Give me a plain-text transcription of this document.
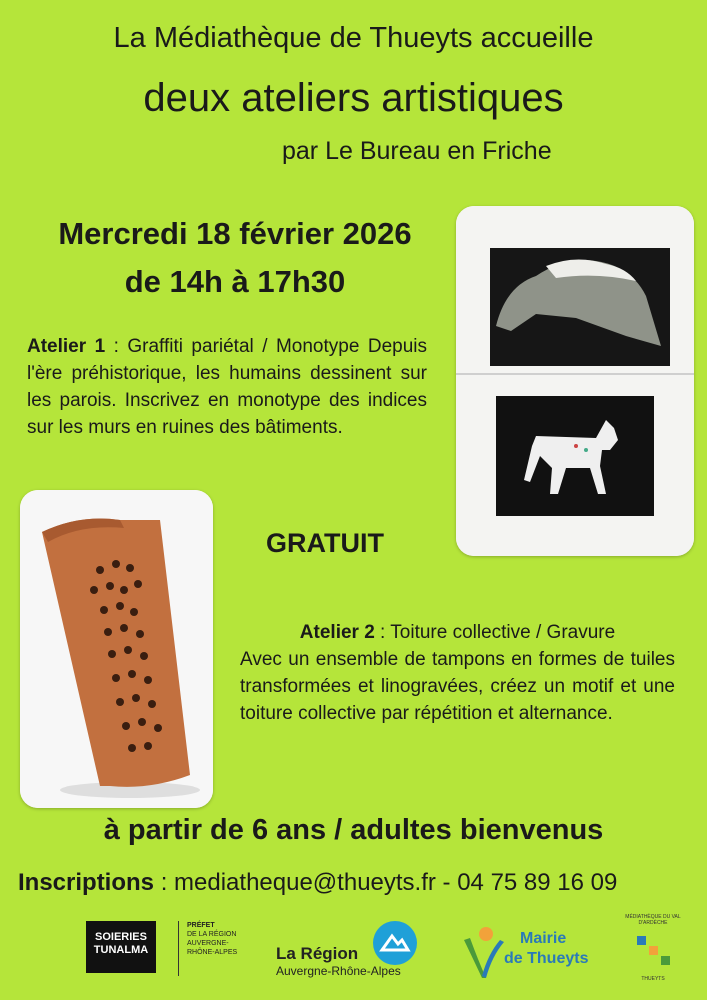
La Médiathèque de Thueyts accueille
deux ateliers artistiques
par Le Bureau en Friche
Mercredi 18 février 2026
de 14h à 17h30
Atelier 1 : Graffiti pariétal / Monotype Depuis l'ère préhistorique, les humains dessinent sur les parois. Inscrivez en monotype des indices sur les murs en ruines des bâtiments.
GRATUIT
Atelier 2 : Toiture collective / Gravure
Avec un ensemble de tampons en formes de tuiles transformées et linogravées, créez un motif et une toiture collective par répétition et alternance.
à partir de 6 ans / adultes bienvenus
Inscriptions : mediatheque@thueyts.fr - 04 75 89 16 09
SOIERIES
TUNALMA
PRÉFET
DE LA RÉGION
AUVERGNE-
RHÔNE-ALPES	La Région
Auvergne-Rhône-Alpes
Mairie
de Thueyts
MÉDIATHÈQUE DU VAL D'ARDÈCHE
THUEYTS
